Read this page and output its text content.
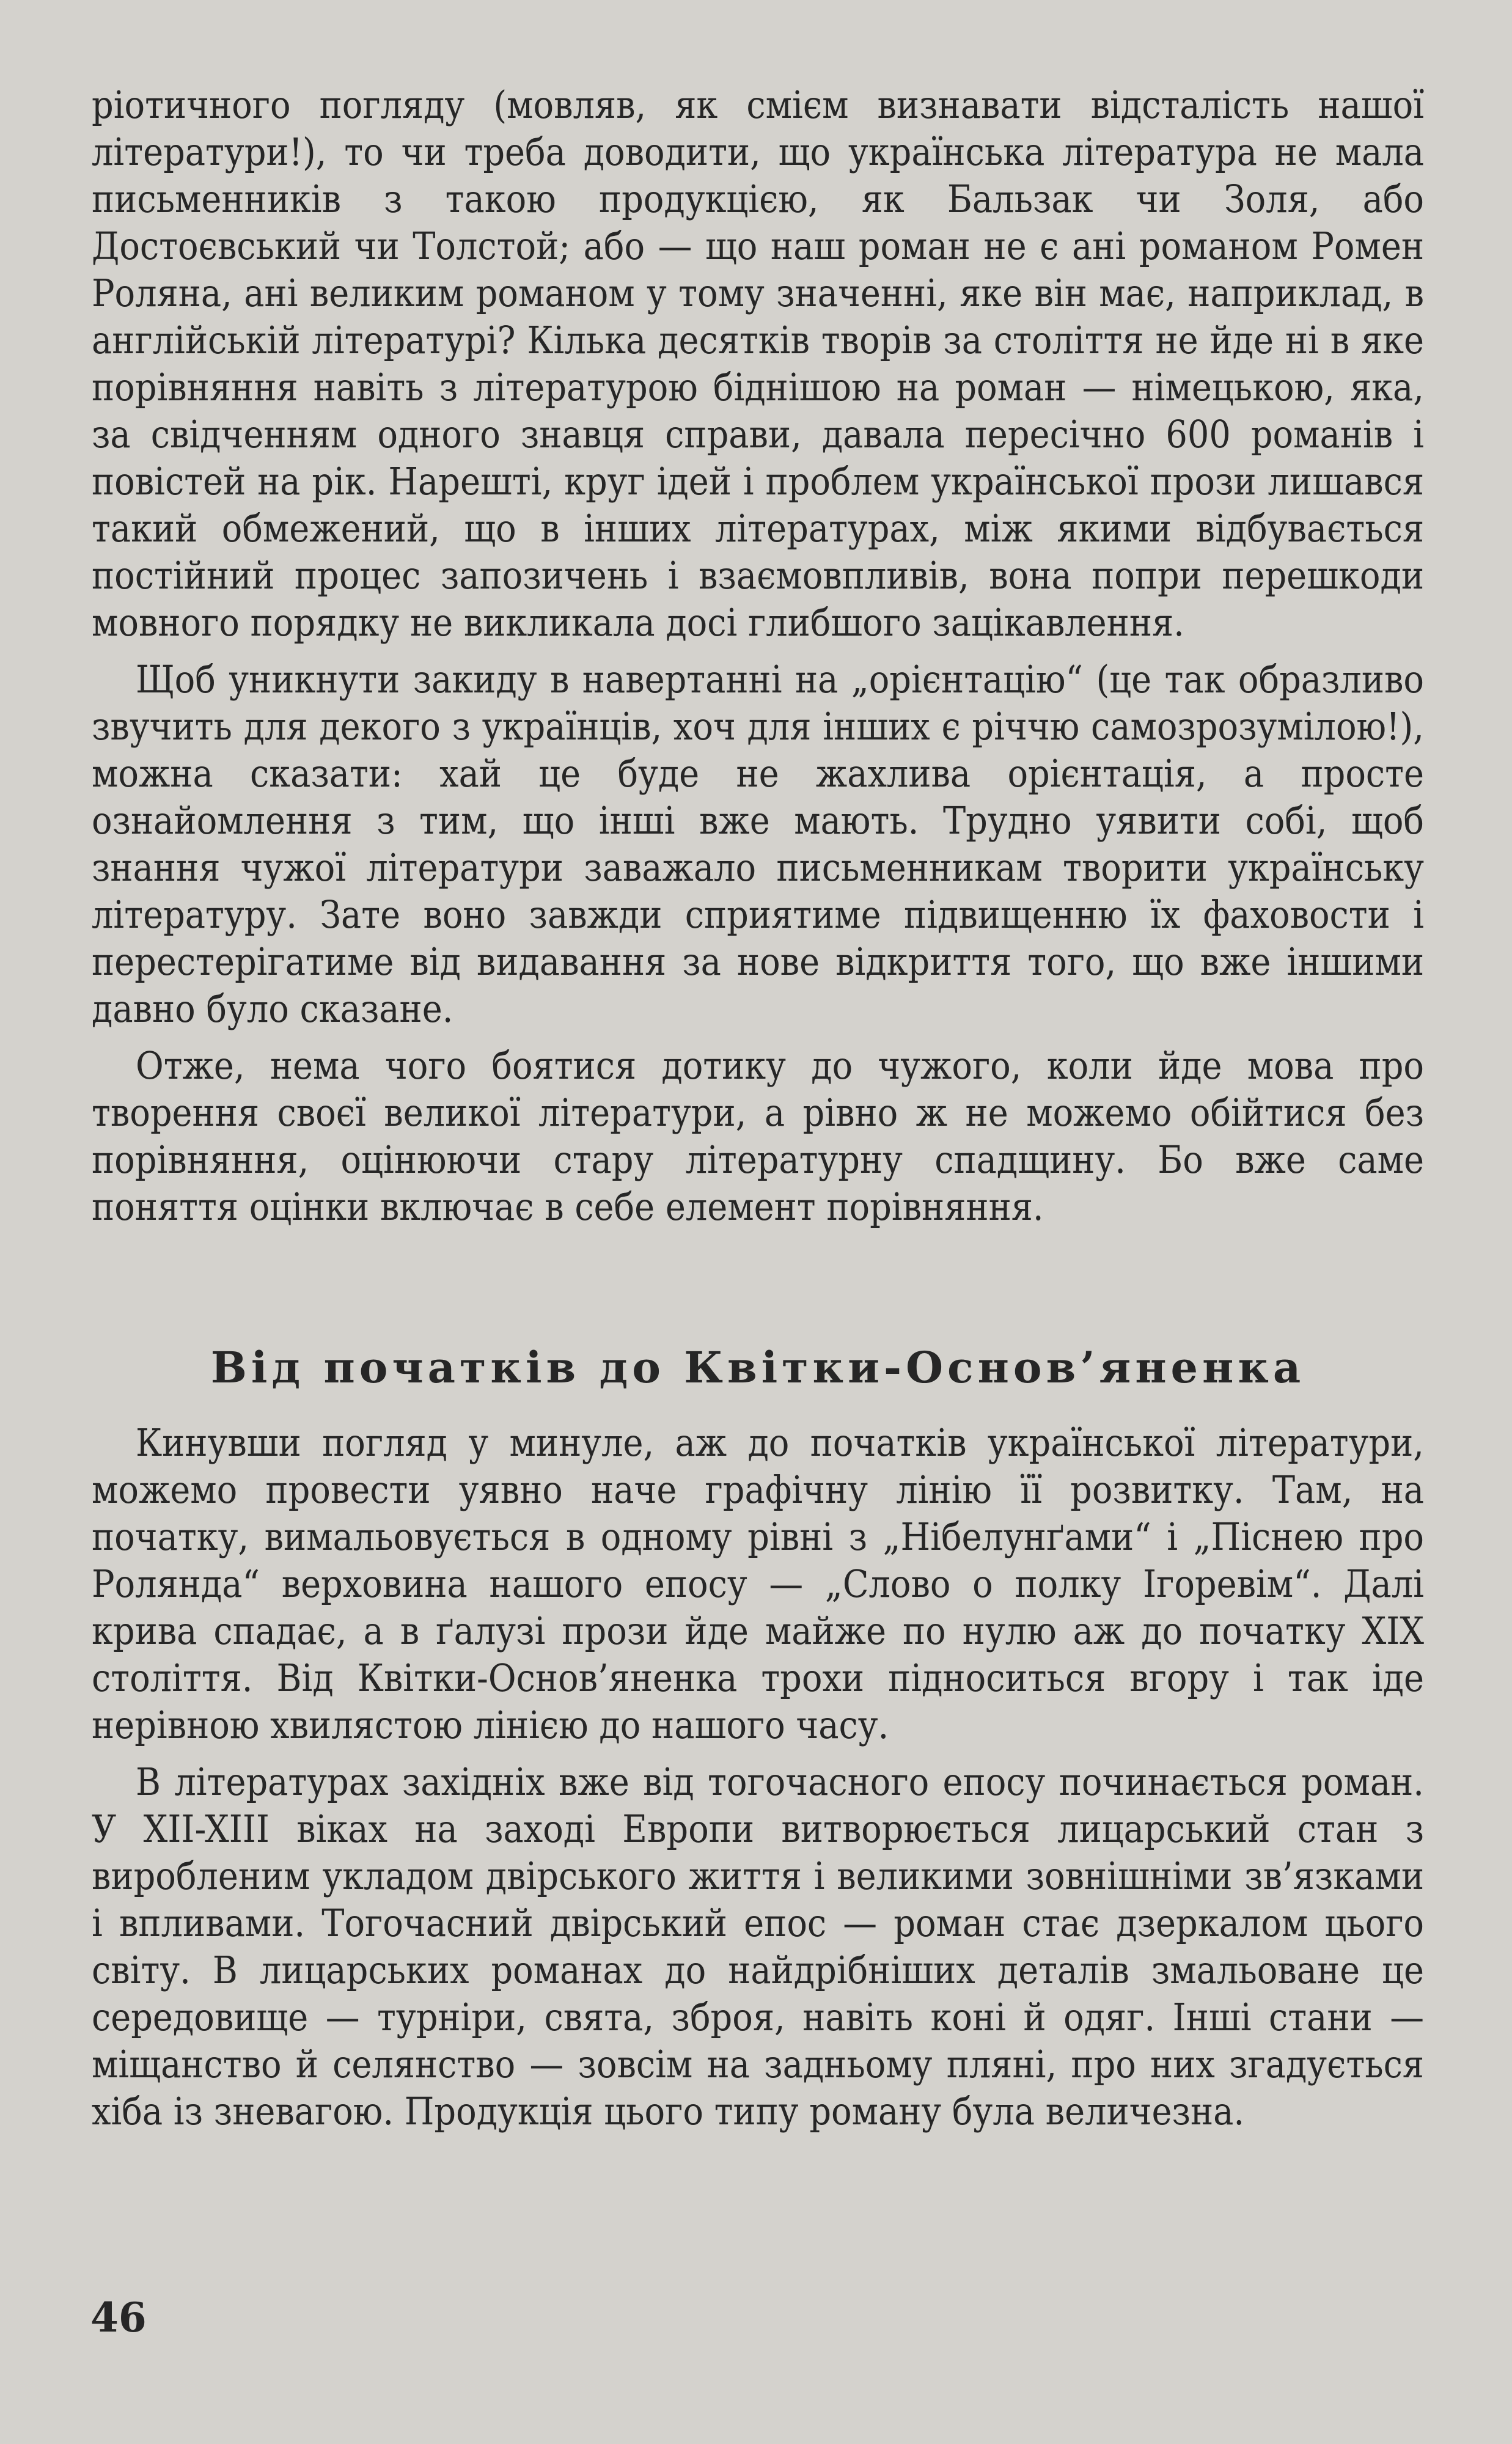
ріотичного погляду (мовляв, як смієм визнавати відсталість нашої літератури!), то чи треба доводити, що українська література не мала письменників з такою продукцією, як Бальзак чи Золя, або Достоєвський чи Толстой; або — що наш роман не є ані романом Ромен Роляна, ані великим романом у тому значенні, яке він має, наприклад, в англійській літературі? Кілька десятків творів за століття не йде ні в яке порівняння навіть з літературою біднішою на роман — німецькою, яка, за свідченням одного знавця справи, давала пересічно 600 романів і повістей на рік. Нарешті, круг ідей і проблем української прози лишався такий обмежений, що в інших літературах, між якими відбувається постійний процес запозичень і взаємовпливів, вона попри перешкоди мовного порядку не викликала досі глибшого зацікавлення.

Щоб уникнути закиду в навертанні на „орієнтацію“ (це так образливо звучить для декого з українців, хоч для інших є річчю самозрозумілою!), можна сказати: хай це буде не жахлива орієнтація, а просте ознайомлення з тим, що інші вже мають. Трудно уявити собі, щоб знання чужої літератури заважало письменникам творити українську літературу. Зате воно завжди сприятиме підвищенню їх фаховости і перестерігатиме від видавання за нове відкриття того, що вже іншими давно було сказане.

Отже, нема чого боятися дотику до чужого, коли йде мова про творення своєї великої літератури, а рівно ж не можемо обійтися без порівняння, оцінюючи стару літературну спадщину. Бо вже саме поняття оцінки включає в себе елемент порівняння.

Від початків до Квітки-Основ’яненка

Кинувши погляд у минуле, аж до початків української літератури, можемо провести уявно наче графічну лінію її розвитку. Там, на початку, вимальовується в одному рівні з „Нібелунґами“ і „Піснею про Ролянда“ верховина нашого епосу — „Слово о полку Ігоревім“. Далі крива спадає, а в ґалузі прози йде майже по нулю аж до початку XIX століття. Від Квітки-Основ’яненка трохи підноситься вгору і так іде нерівною хвилястою лінією до нашого часу.

В літературах західніх вже від тогочасного епосу починається роман. У XII-XIII віках на заході Европи витворюється лицарський стан з виробленим укладом двірського життя і великими зовнішніми зв’язками і впливами. Тогочасний двірський епос — роман стає дзеркалом цього світу. В лицарських романах до найдрібніших деталів змальоване це середовище — турніри, свята, зброя, навіть коні й одяг. Інші стани — міщанство й селянство — зовсім на задньому пляні, про них згадується хіба із зневагою. Продукція цього типу роману була величезна.

46
